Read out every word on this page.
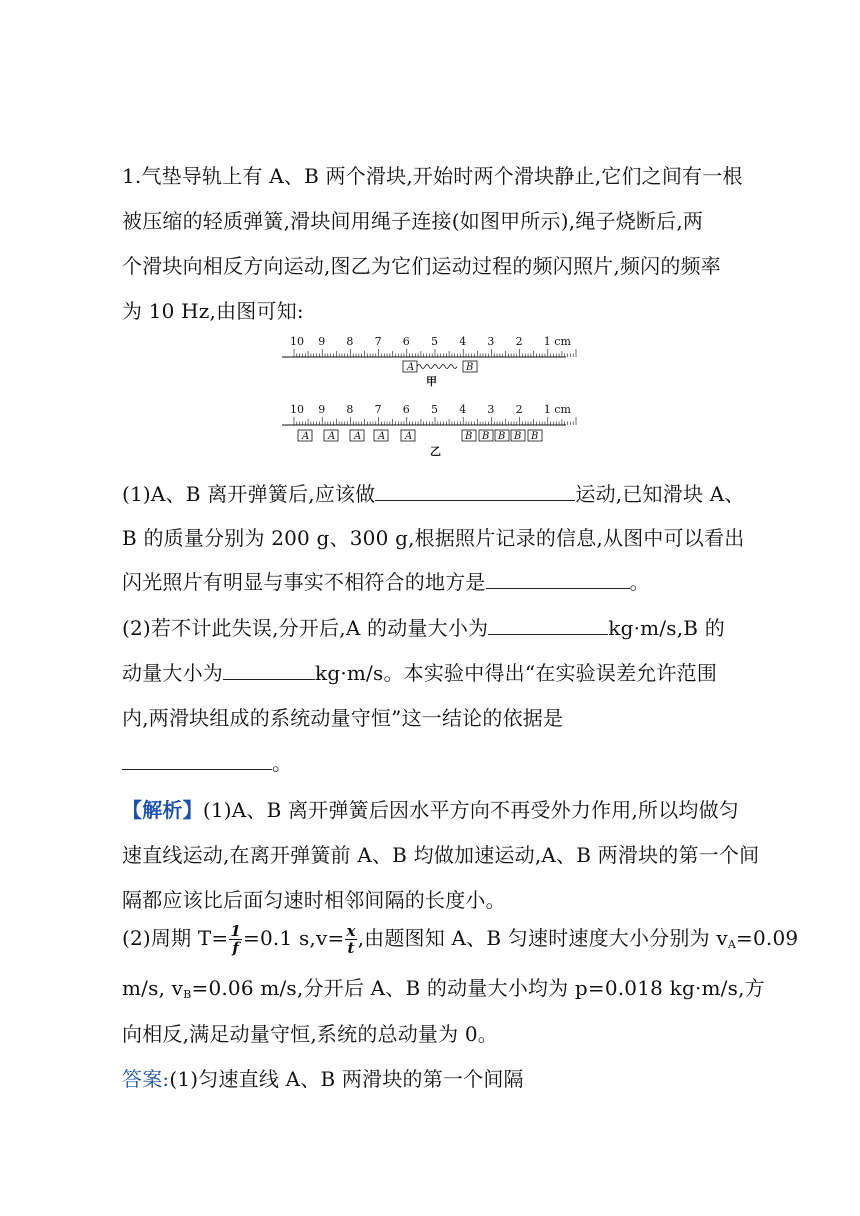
1.气垫导轨上有 A、B 两个滑块,开始时两个滑块静止,它们之间有一根
被压缩的轻质弹簧,滑块间用绳子连接(如图甲所示),绳子烧断后,两
个滑块向相反方向运动,图乙为它们运动过程的频闪照片,频闪的频率
为 10 Hz,由图可知:
10 9 8 7 6 5 4 3 2 1 cm
10 9 8 7 6 5 4 3 2 1 cm
A	B
甲
A A A A A	B B B B B
乙
(1)A、B 离开弹簧后,应该做	运动,已知滑块 A、
B 的质量分别为 200 g、300 g,根据照片记录的信息,从图中可以看出
闪光照片有明显与事实不相符合的地方是	。
(2)若不计此失误,分开后,A 的动量大小为	kg·m/s,B 的
动量大小为	kg·m/s。本实验中得出“在实验误差允许范围
内,两滑块组成的系统动量守恒”这一结论的依据是
。
【解析】(1)A、B 离开弹簧后因水平方向不再受外力作用,所以均做匀
速直线运动,在离开弹簧前 A、B 均做加速运动,A、B 两滑块的第一个间
隔都应该比后面匀速时相邻间隔的长度小。
(2)周期 $T= \frac{1}{f} =0.1$ $s,v= \frac{x}{t}$ ,由题图知 A、B 匀速时速度大小分别为 $v_A=0.09$
m/s, $v_B=0.06$ m/s,分开后 A、B 的动量大小均为 p=0.018 kg·m/s,方
向相反,满足动量守恒,系统的总动量为 0。
答案:(1)匀速直线 A、B 两滑块的第一个间隔
